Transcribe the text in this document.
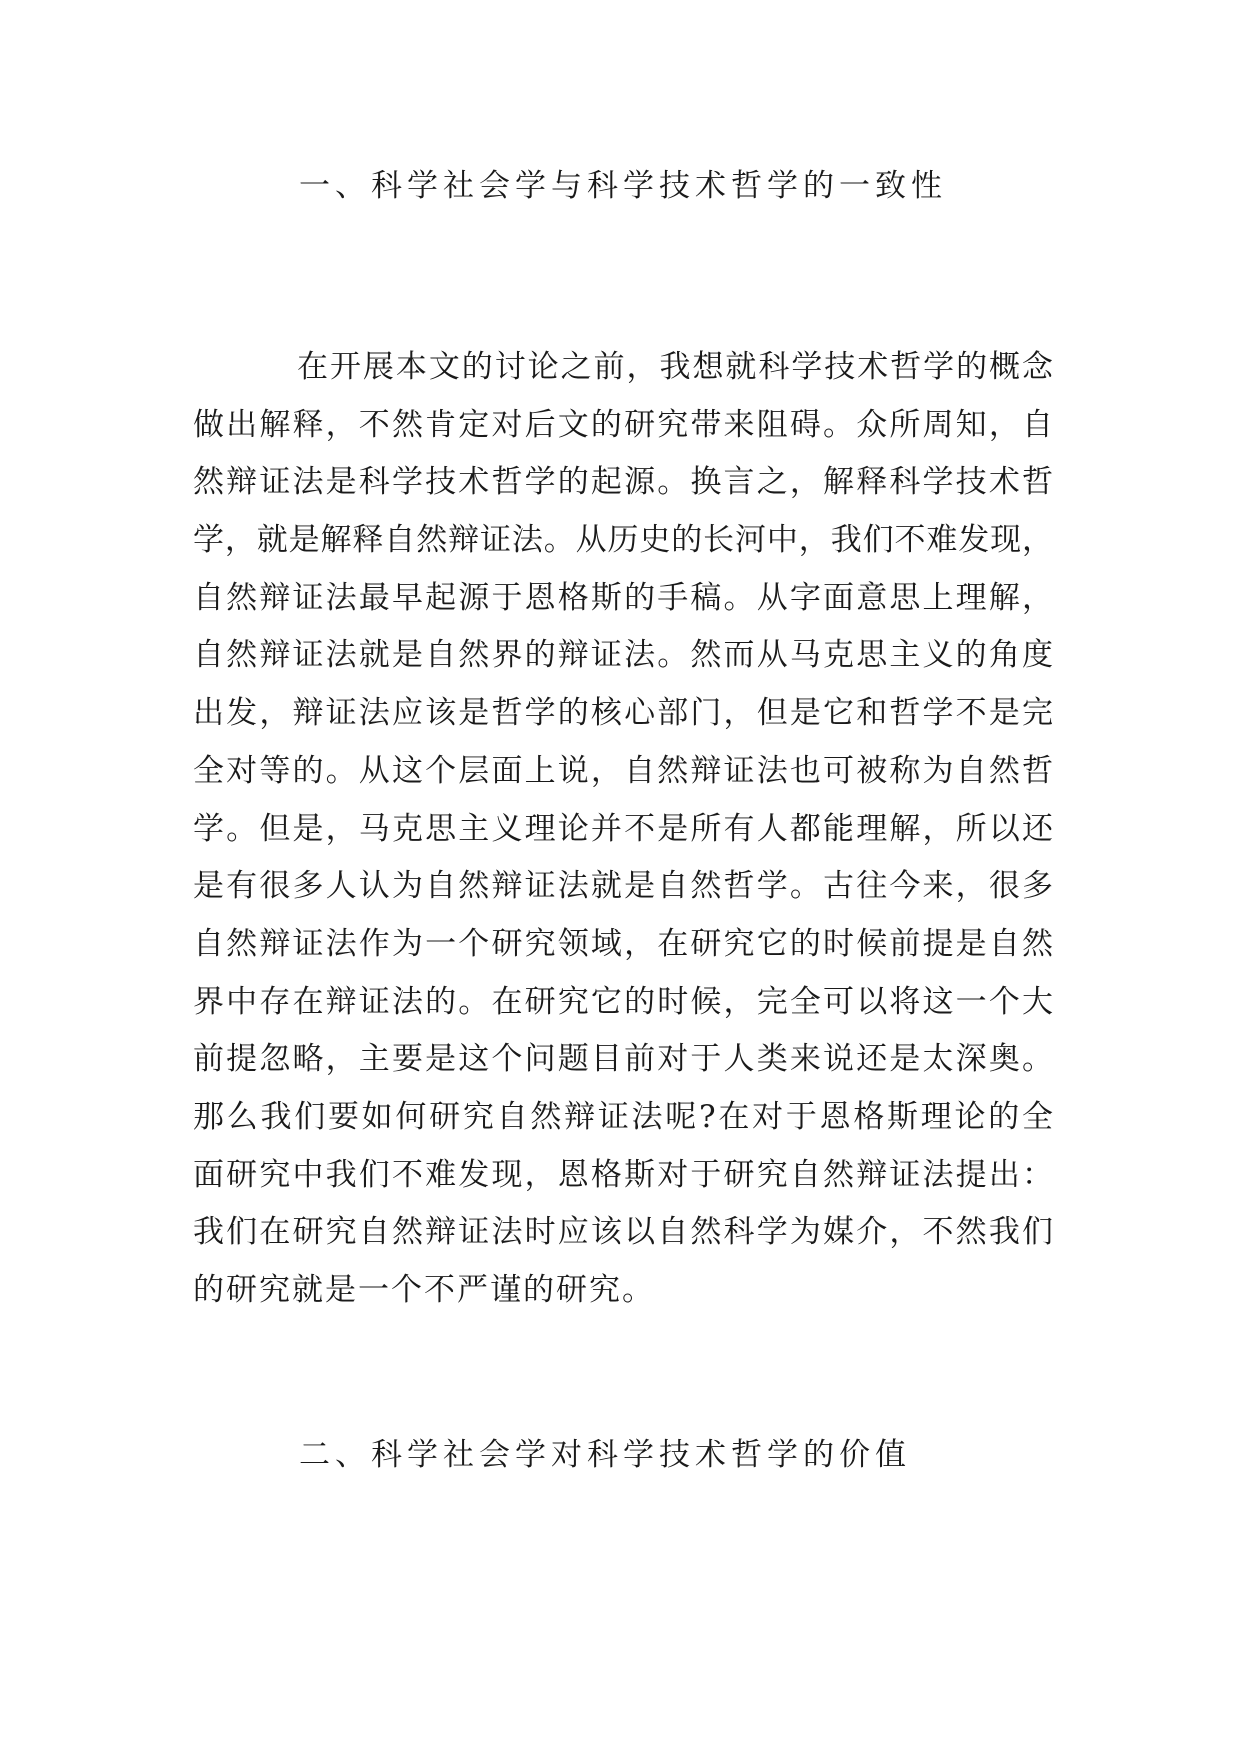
一、科学社会学与科学技术哲学的一致性
在开展本文的讨论之前，我想就科学技术哲学的概念
做出解释，不然肯定对后文的研究带来阻碍。众所周知，自
然辩证法是科学技术哲学的起源。换言之，解释科学技术哲
学，就是解释自然辩证法。从历史的长河中，我们不难发现，
自然辩证法最早起源于恩格斯的手稿。从字面意思上理解，
自然辩证法就是自然界的辩证法。然而从马克思主义的角度
出发，辩证法应该是哲学的核心部门，但是它和哲学不是完
全对等的。从这个层面上说，自然辩证法也可被称为自然哲
学。但是，马克思主义理论并不是所有人都能理解，所以还
是有很多人认为自然辩证法就是自然哲学。古往今来，很多
自然辩证法作为一个研究领域，在研究它的时候前提是自然
界中存在辩证法的。在研究它的时候，完全可以将这一个大
前提忽略，主要是这个问题目前对于人类来说还是太深奥。
那么我们要如何研究自然辩证法呢?在对于恩格斯理论的全
面研究中我们不难发现，恩格斯对于研究自然辩证法提出：
我们在研究自然辩证法时应该以自然科学为媒介，不然我们
的研究就是一个不严谨的研究。
二、科学社会学对科学技术哲学的价值
